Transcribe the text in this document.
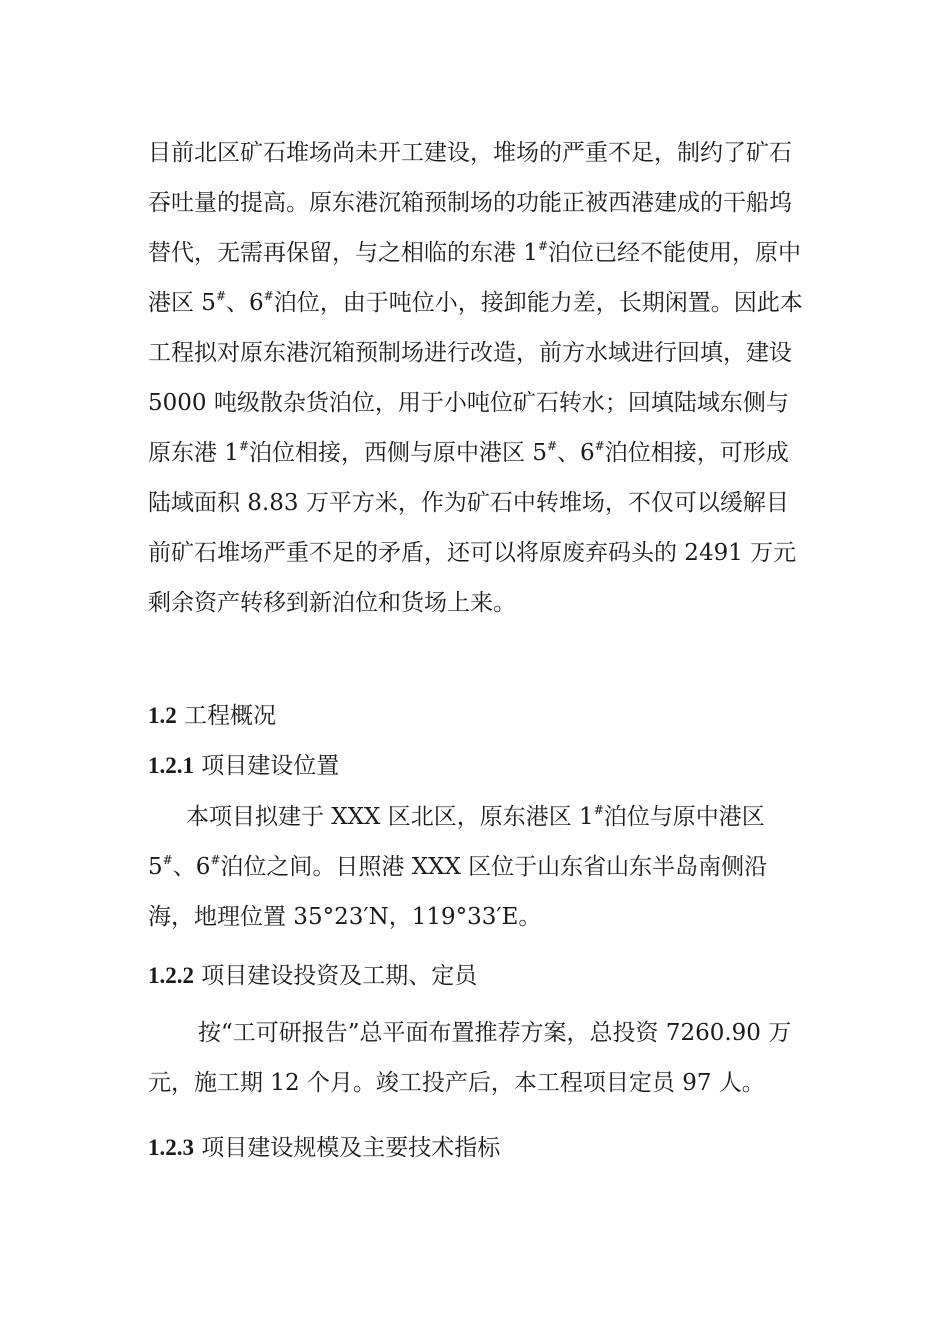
目前北区矿石堆场尚未开工建设，堆场的严重不足，制约了矿石吞吐量的提高。原东港沉箱预制场的功能正被西港建成的干船坞替代，无需再保留，与之相临的东港 1#泊位已经不能使用，原中港区 5#、6#泊位，由于吨位小，接卸能力差，长期闲置。因此本工程拟对原东港沉箱预制场进行改造，前方水域进行回填，建设 5000 吨级散杂货泊位，用于小吨位矿石转水；回填陆域东侧与原东港 1#泊位相接，西侧与原中港区 5#、6#泊位相接，可形成陆域面积 8.83 万平方米，作为矿石中转堆场，不仅可以缓解目前矿石堆场严重不足的矛盾，还可以将原废弃码头的 2491 万元剩余资产转移到新泊位和货场上来。

1.2 工程概况
1.2.1 项目建设位置

本项目拟建于 XXX 区北区，原东港区 1#泊位与原中港区 5#、6#泊位之间。日照港 XXX 区位于山东省山东半岛南侧沿海，地理位置 35°23′N，119°33′E。

1.2.2 项目建设投资及工期、定员

按“工可研报告”总平面布置推荐方案，总投资 7260.90 万元，施工期 12 个月。竣工投产后，本工程项目定员 97 人。

1.2.3 项目建设规模及主要技术指标
